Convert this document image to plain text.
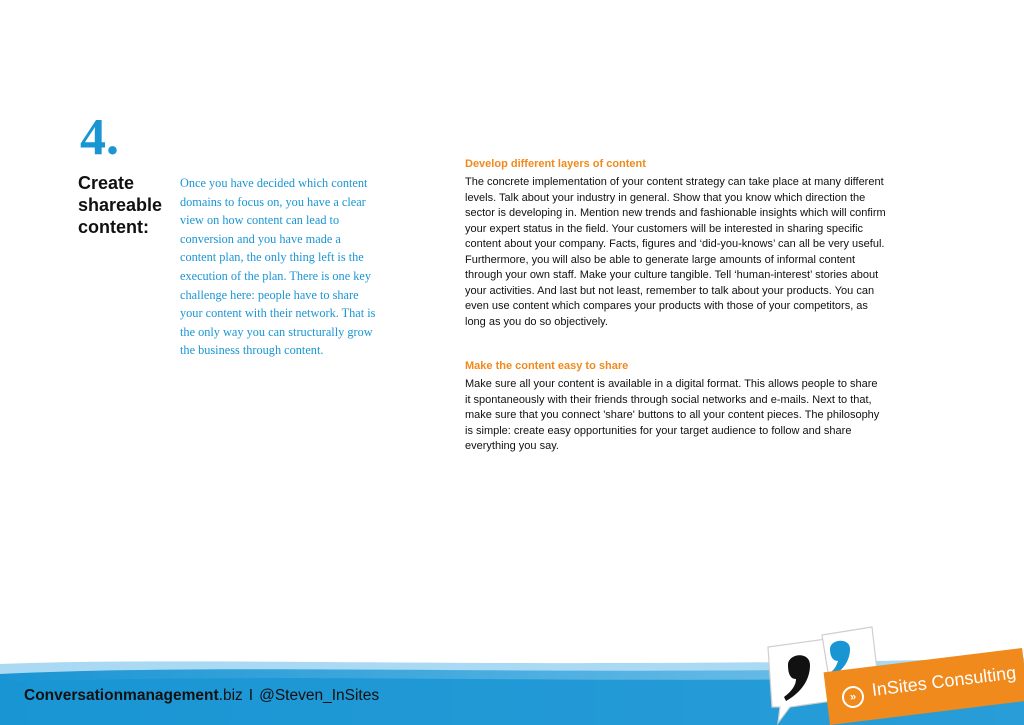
4.
Create
shareable
content:
Once you have decided which content
domains to focus on, you have a clear
view on how content can lead to
conversion and you have made a
content plan, the only thing left is the
execution of the plan. There is one key
challenge here: people have to share
your content with their network. That is
the only way you can structurally grow
the business through content.
Develop different layers of content
The concrete implementation of your content strategy can take place at many different
levels. Talk about your industry in general. Show that you know which direction the
sector is developing in. Mention new trends and fashionable insights which will confirm
your expert status in the field. Your customers will be interested in sharing specific
content about your company. Facts, figures and ‘did-you-knows’ can all be very useful.
Furthermore, you will also be able to generate large amounts of informal content
through your own staff. Make your culture tangible. Tell ‘human-interest’ stories about
your activities. And last but not least, remember to talk about your products. You can
even use content which compares your products with those of your competitors, as
long as you do so objectively.
Make the content easy to share
Make sure all your content is available in a digital format. This allows people to share
it spontaneously with their friends through social networks and e-mails. Next to that,
make sure that you connect 'share' buttons to all your content pieces. The philosophy
is simple: create easy opportunities for your target audience to follow and share
everything you say.
Conversationmanagement.biz I @Steven_InSites	» InSites Consulting
